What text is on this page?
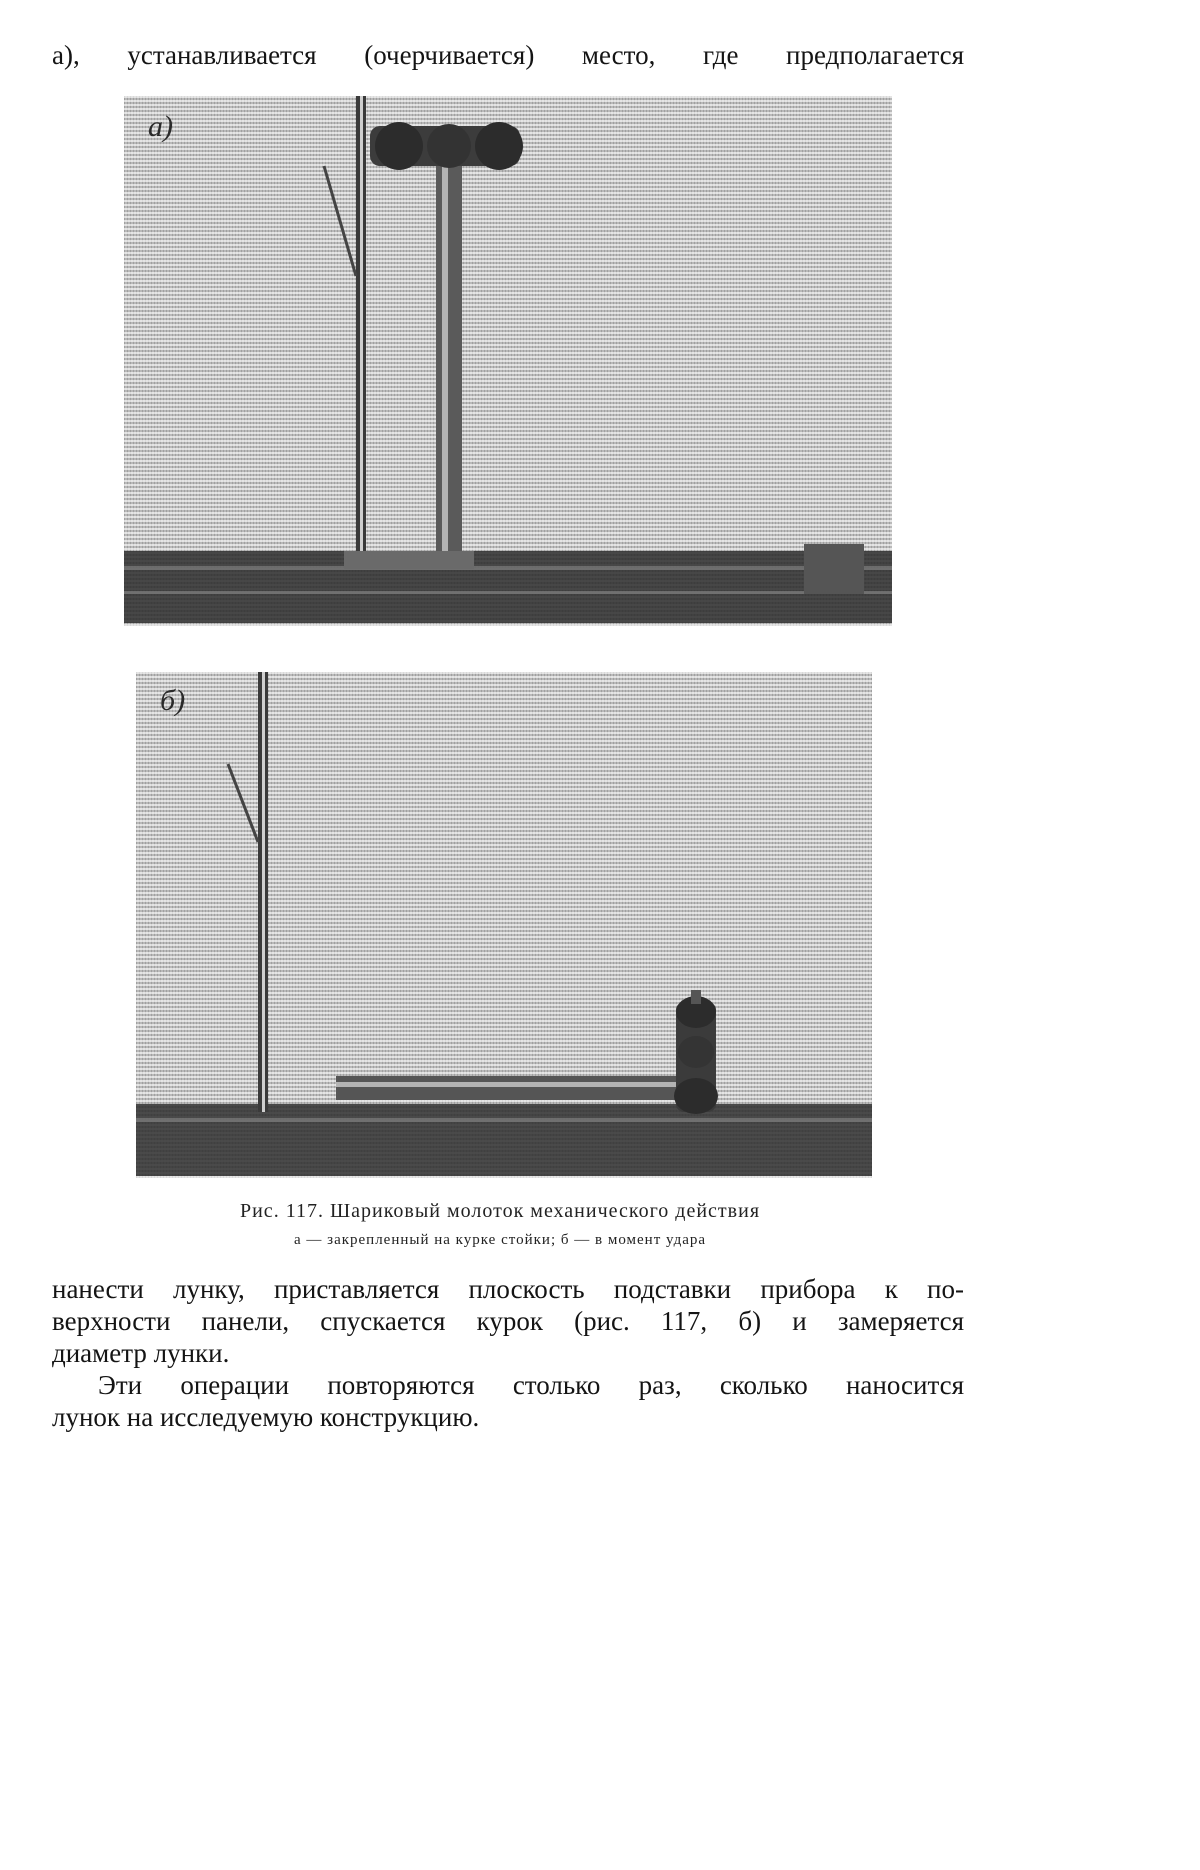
а), устанавливается (очерчивается) место, где предполагается
а)
б)
Рис. 117. Шариковый молоток механического действия
а — закрепленный на курке стойки; б — в момент удара
нанести лунку, приставляется плоскость подставки прибора к по-
верхности панели, спускается курок (рис. 117, б) и замеряется
диаметр лунки.
Эти операции повторяются столько раз, сколько наносится
лунок на исследуемую конструкцию.
